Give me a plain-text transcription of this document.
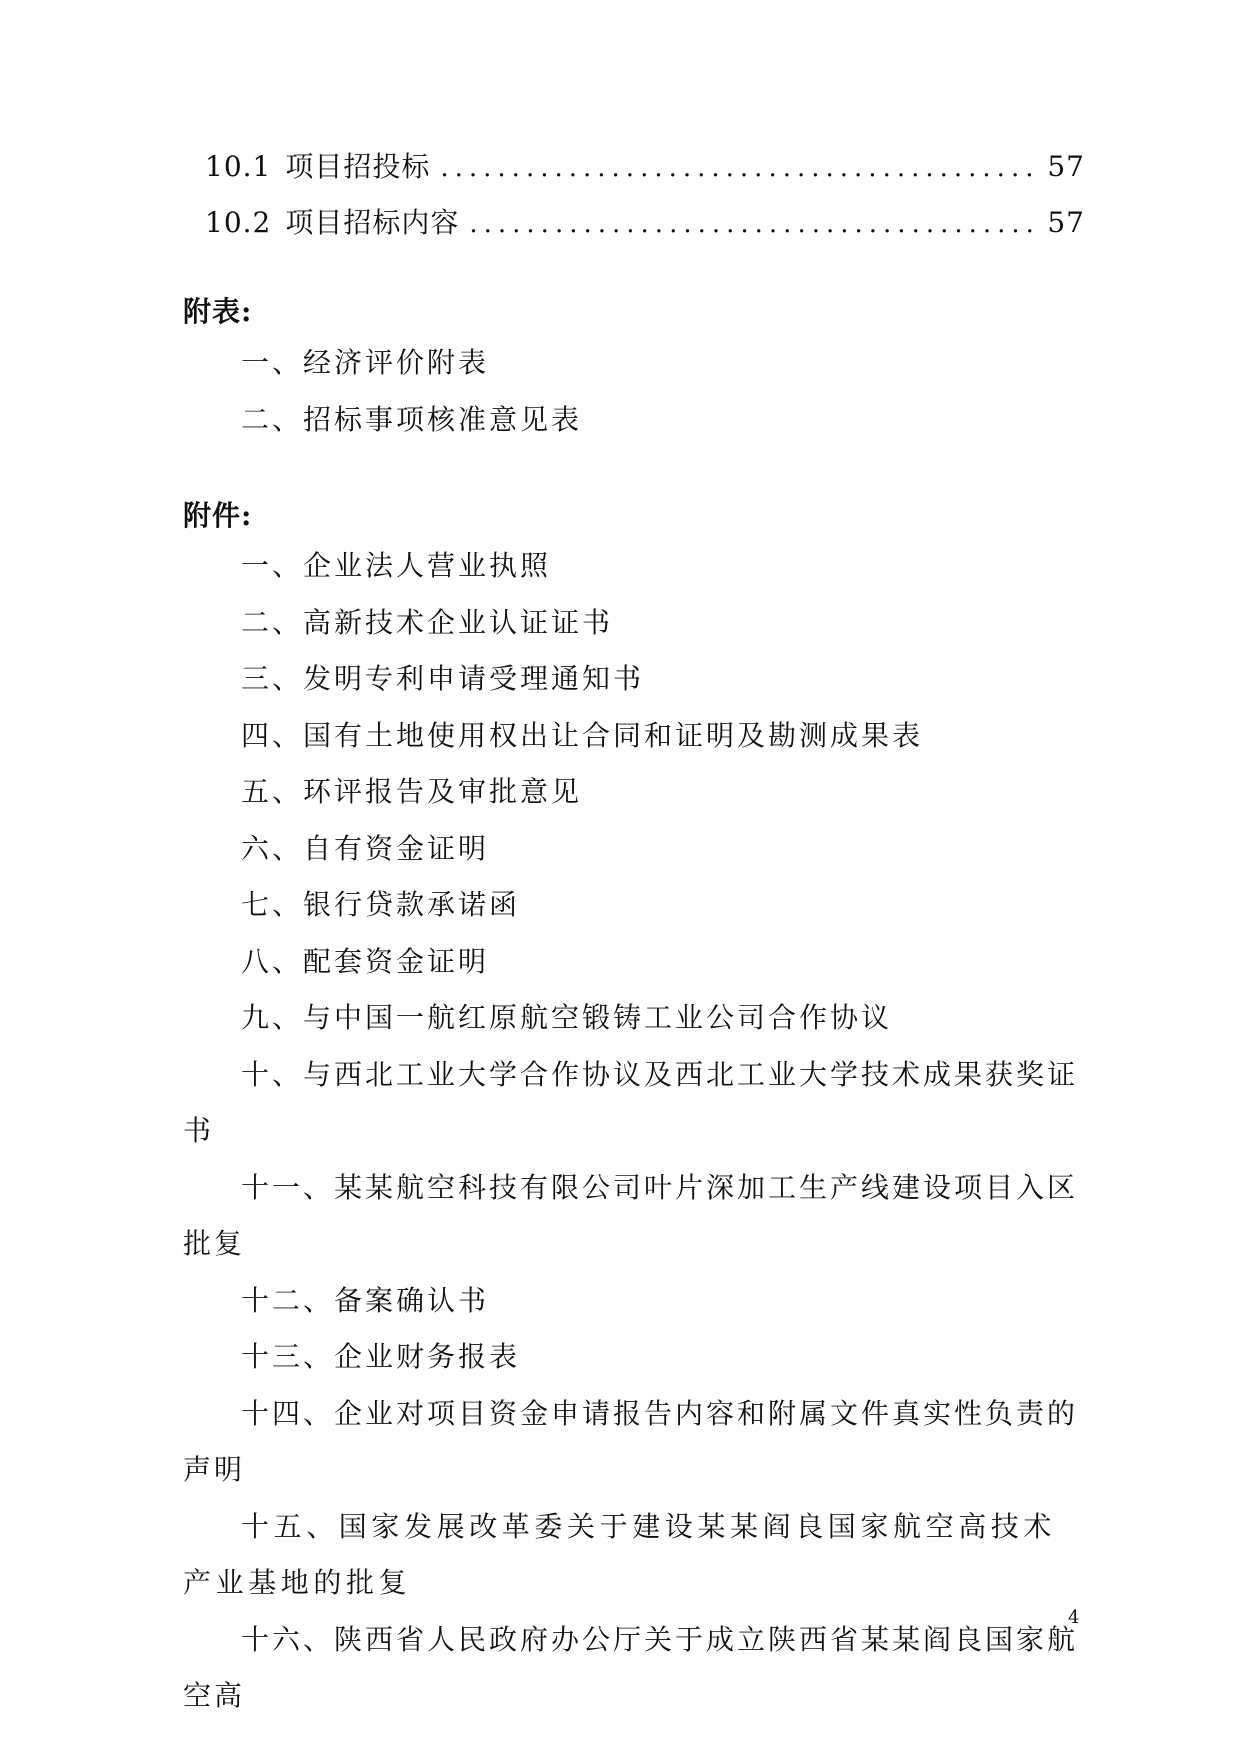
10.1 项目招投标 .....	57
10.2 项目招标内容 .....	57
附表:
一、经济评价附表
二、招标事项核准意见表
附件:
一、企业法人营业执照
二、高新技术企业认证证书
三、发明专利申请受理通知书
四、国有土地使用权出让合同和证明及勘测成果表
五、环评报告及审批意见
六、自有资金证明
七、银行贷款承诺函
八、配套资金证明
九、与中国一航红原航空锻铸工业公司合作协议
十、与西北工业大学合作协议及西北工业大学技术成果获奖证书
十一、某某航空科技有限公司叶片深加工生产线建设项目入区批复
十二、备案确认书
十三、企业财务报表
十四、企业对项目资金申请报告内容和附属文件真实性负责的声明
十五、国家发展改革委关于建设某某阎良国家航空高技术产业基地的批复
十六、陕西省人民政府办公厅关于成立陕西省某某阎良国家航空高
4
